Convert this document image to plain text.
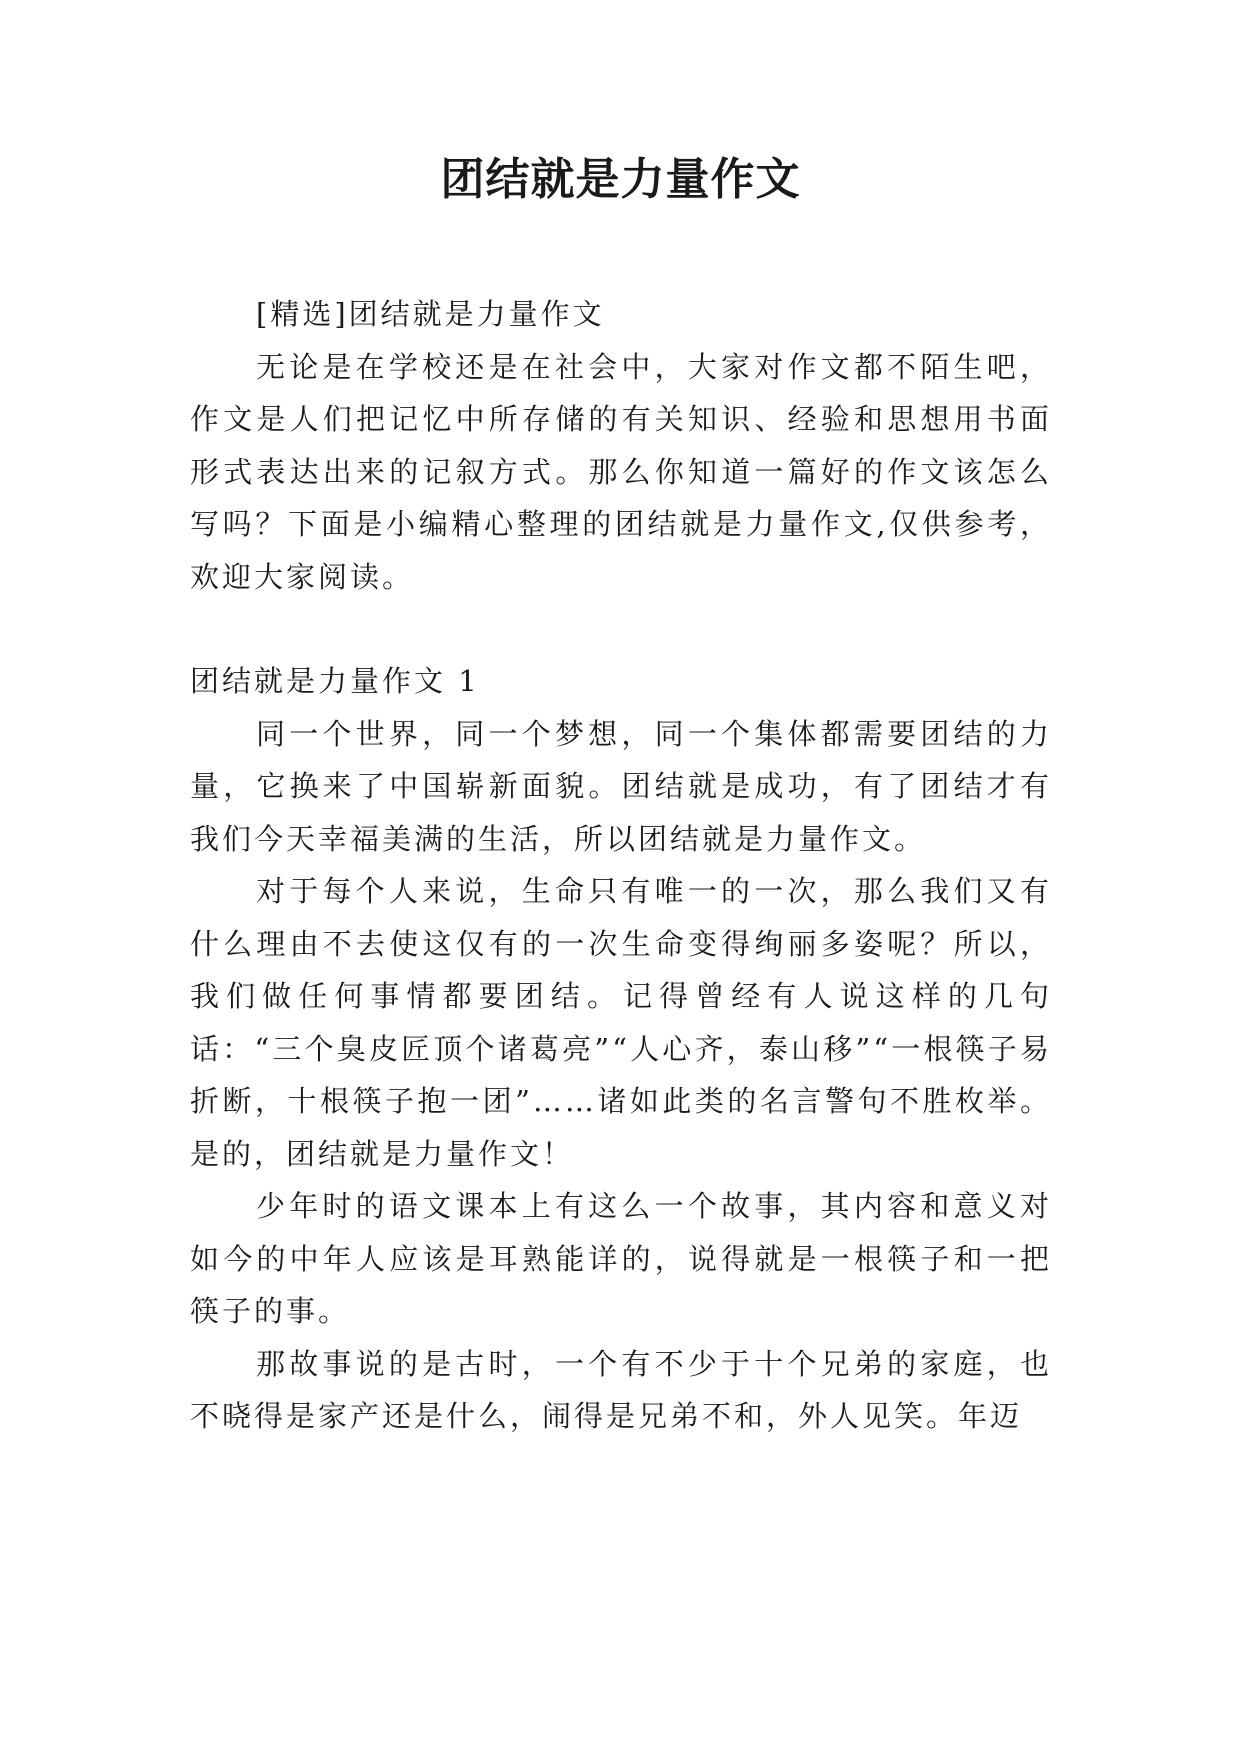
团结就是力量作文

[精选]团结就是力量作文

无论是在学校还是在社会中，大家对作文都不陌生吧，作文是人们把记忆中所存储的有关知识、经验和思想用书面形式表达出来的记叙方式。那么你知道一篇好的作文该怎么写吗？下面是小编精心整理的团结就是力量作文,仅供参考，欢迎大家阅读。

团结就是力量作文 1

同一个世界，同一个梦想，同一个集体都需要团结的力量，它换来了中国崭新面貌。团结就是成功，有了团结才有我们今天幸福美满的生活，所以团结就是力量作文。

对于每个人来说，生命只有唯一的一次，那么我们又有什么理由不去使这仅有的一次生命变得绚丽多姿呢？所以，我们做任何事情都要团结。记得曾经有人说这样的几句话：“三个臭皮匠顶个诸葛亮”“人心齐，泰山移”“一根筷子易折断，十根筷子抱一团”……诸如此类的名言警句不胜枚举。是的，团结就是力量作文！

少年时的语文课本上有这么一个故事，其内容和意义对如今的中年人应该是耳熟能详的，说得就是一根筷子和一把筷子的事。

那故事说的是古时，一个有不少于十个兄弟的家庭，也不晓得是家产还是什么，闹得是兄弟不和，外人见笑。年迈
